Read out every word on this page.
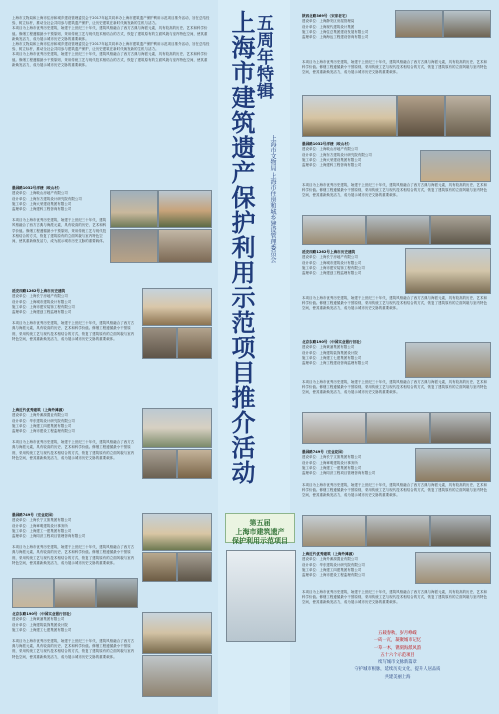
上海市文物局和上海市住房和城乡建设管理委员会于2017年起共同举办上海市建筑遗产保护利用示范项目推介活动，旨在总结经验、树立标杆，推动全社会共同参与建筑遗产保护，让历史建筑在新时代焕发新的生机与活力。
本项目为上海市优秀历史建筑，始建于上世纪三十年代，建筑风格融合了西方古典与海派元素，具有较高的历史、艺术和科学价值。修缮工程遵循最小干预原则，采用传统工艺与现代技术相结合的方式，恢复了建筑原有的立面风貌与室内特色空间，使其重新焕发活力，成为展示城市历史文脉的重要载体。
上海市文物局和上海市住房和城乡建设管理委员会于2017年起共同举办上海市建筑遗产保护利用示范项目推介活动，旨在总结经验、树立标杆，推动全社会共同参与建筑遗产保护，让历史建筑在新时代焕发新的生机与活力。
本项目为上海市优秀历史建筑，始建于上世纪三十年代，建筑风格融合了西方古典与海派元素，具有较高的历史、艺术和科学价值。修缮工程遵循最小干预原则，采用传统工艺与现代技术相结合的方式，恢复了建筑原有的立面风貌与室内特色空间，使其重新焕发活力，成为展示城市历史文脉的重要载体。
愚园路1032号洋楼（岐山村）
建设单位：上海岐山房地产有限公司
设计单位：上海东方建筑设计研究院有限公司
施工单位：上海大荣建设集团有限公司
监理单位：上海建科工程咨询有限公司
本项目为上海市优秀历史建筑，始建于上世纪三十年代，建筑风格融合了西方古典与海派元素，具有较高的历史、艺术和科学价值。修缮工程遵循最小干预原则，采用传统工艺与现代技术相结合的方式，恢复了建筑原有的立面风貌与室内特色空间，使其重新焕发活力，成为展示城市历史文脉的重要载体。
延安西路1262号上海市历史建筑
建设单位：上海长宁房地产有限公司
设计单位：上海城市建筑设计有限公司
施工单位：上海市建安装饰工程有限公司
监理单位：上海建创工程监理有限公司
本项目为上海市优秀历史建筑，始建于上世纪三十年代，建筑风格融合了西方古典与海派元素，具有较高的历史、艺术和科学价值。修缮工程遵循最小干预原则，采用传统工艺与现代技术相结合的方式，恢复了建筑原有的立面风貌与室内特色空间，使其重新焕发活力，成为展示城市历史文脉的重要载体。
上海近代优秀建筑（上海外滩源）
建设单位：上海外滩源置业有限公司
设计单位：华东建筑设计研究院有限公司
施工单位：上海建工四建集团有限公司
监理单位：上海市建设工程监理有限公司
本项目为上海市优秀历史建筑，始建于上世纪三十年代，建筑风格融合了西方古典与海派元素，具有较高的历史、艺术和科学价值。修缮工程遵循最小干预原则，采用传统工艺与现代技术相结合的方式，恢复了建筑原有的立面风貌与室内特色空间，使其重新焕发活力，成为展示城市历史文脉的重要载体。
愚园路749号（宏业花园）
建设单位：上海长宁文旅集团有限公司
设计单位：上海章明建筑设计事务所
施工单位：上海建工一建集团有限公司
监理单位：上海同济工程项目管理咨询有限公司
本项目为上海市优秀历史建筑，始建于上世纪三十年代，建筑风格融合了西方古典与海派元素，具有较高的历史、艺术和科学价值。修缮工程遵循最小干预原则，采用传统工艺与现代技术相结合的方式，恢复了建筑原有的立面风貌与室内特色空间，使其重新焕发活力，成为展示城市历史文脉的重要载体。
北京东路190号（中国实业银行旧址）
建设单位：上海黄浦集团有限公司
设计单位：上海建筑装饰集团设计院
施工单位：上海建工七建集团有限公司
本项目为上海市优秀历史建筑，始建于上世纪三十年代，建筑风格融合了西方古典与海派元素，具有较高的历史、艺术和科学价值。修缮工程遵循最小干预原则，采用传统工艺与现代技术相结合的方式，恢复了建筑原有的立面风貌与室内特色空间，使其重新焕发活力，成为展示城市历史文脉的重要载体。
五周年特辑
上海市建筑遗产保护利用示范项目推介活动 上海市文物局 上海市住房和城乡建设管理委员会
第五届
上海市建筑遗产
保护利用示范项目
陕西北路369号（宋家老宅）
建设单位：上海静安区房屋管理局
设计单位：上海现代建筑设计集团
施工单位：上海住总集团建设发展有限公司
监理单位：上海海达工程建设咨询有限公司
本项目为上海市优秀历史建筑，始建于上世纪三十年代，建筑风格融合了西方古典与海派元素，具有较高的历史、艺术和科学价值。修缮工程遵循最小干预原则，采用传统工艺与现代技术相结合的方式，恢复了建筑原有的立面风貌与室内特色空间，使其重新焕发活力，成为展示城市历史文脉的重要载体。
愚园路1032号洋楼（岐山村）
建设单位：上海岐山房地产有限公司
设计单位：上海东方建筑设计研究院有限公司
施工单位：上海大荣建设集团有限公司
监理单位：上海建科工程咨询有限公司
本项目为上海市优秀历史建筑，始建于上世纪三十年代，建筑风格融合了西方古典与海派元素，具有较高的历史、艺术和科学价值。修缮工程遵循最小干预原则，采用传统工艺与现代技术相结合的方式，恢复了建筑原有的立面风貌与室内特色空间，使其重新焕发活力，成为展示城市历史文脉的重要载体。
延安西路1262号上海市历史建筑
建设单位：上海长宁房地产有限公司
设计单位：上海城市建筑设计有限公司
施工单位：上海市建安装饰工程有限公司
监理单位：上海建创工程监理有限公司
本项目为上海市优秀历史建筑，始建于上世纪三十年代，建筑风格融合了西方古典与海派元素，具有较高的历史、艺术和科学价值。修缮工程遵循最小干预原则，采用传统工艺与现代技术相结合的方式，恢复了建筑原有的立面风貌与室内特色空间，使其重新焕发活力，成为展示城市历史文脉的重要载体。
北京东路190号（中国实业银行旧址）
建设单位：上海黄浦集团有限公司
设计单位：上海建筑装饰集团设计院
施工单位：上海建工七建集团有限公司
监理单位：上海工程建设咨询监理有限公司
本项目为上海市优秀历史建筑，始建于上世纪三十年代，建筑风格融合了西方古典与海派元素，具有较高的历史、艺术和科学价值。修缮工程遵循最小干预原则，采用传统工艺与现代技术相结合的方式，恢复了建筑原有的立面风貌与室内特色空间，使其重新焕发活力，成为展示城市历史文脉的重要载体。
愚园路749号（宏业花园）
建设单位：上海长宁文旅集团有限公司
设计单位：上海章明建筑设计事务所
施工单位：上海建工一建集团有限公司
监理单位：上海同济工程项目管理咨询有限公司
本项目为上海市优秀历史建筑，始建于上世纪三十年代，建筑风格融合了西方古典与海派元素，具有较高的历史、艺术和科学价值。修缮工程遵循最小干预原则，采用传统工艺与现代技术相结合的方式，恢复了建筑原有的立面风貌与室内特色空间，使其重新焕发活力，成为展示城市历史文脉的重要载体。
上海近代优秀建筑（上海外滩源）
建设单位：上海外滩源置业有限公司
设计单位：华东建筑设计研究院有限公司
施工单位：上海建工四建集团有限公司
监理单位：上海市建设工程监理有限公司
本项目为上海市优秀历史建筑，始建于上世纪三十年代，建筑风格融合了西方古典与海派元素，具有较高的历史、艺术和科学价值。修缮工程遵循最小干预原则，采用传统工艺与现代技术相结合的方式，恢复了建筑原有的立面风貌与室内特色空间，使其重新焕发活力，成为展示城市历史文脉的重要载体。
五载春秋，岁月峥嵘
一砖一瓦，凝聚城市记忆
一草一木，镌刻海派风韵
五十六个示范项目
续写城市文脉新篇章
守护城市根脉，延续历史文化，提升人居品质
共建美丽上海
